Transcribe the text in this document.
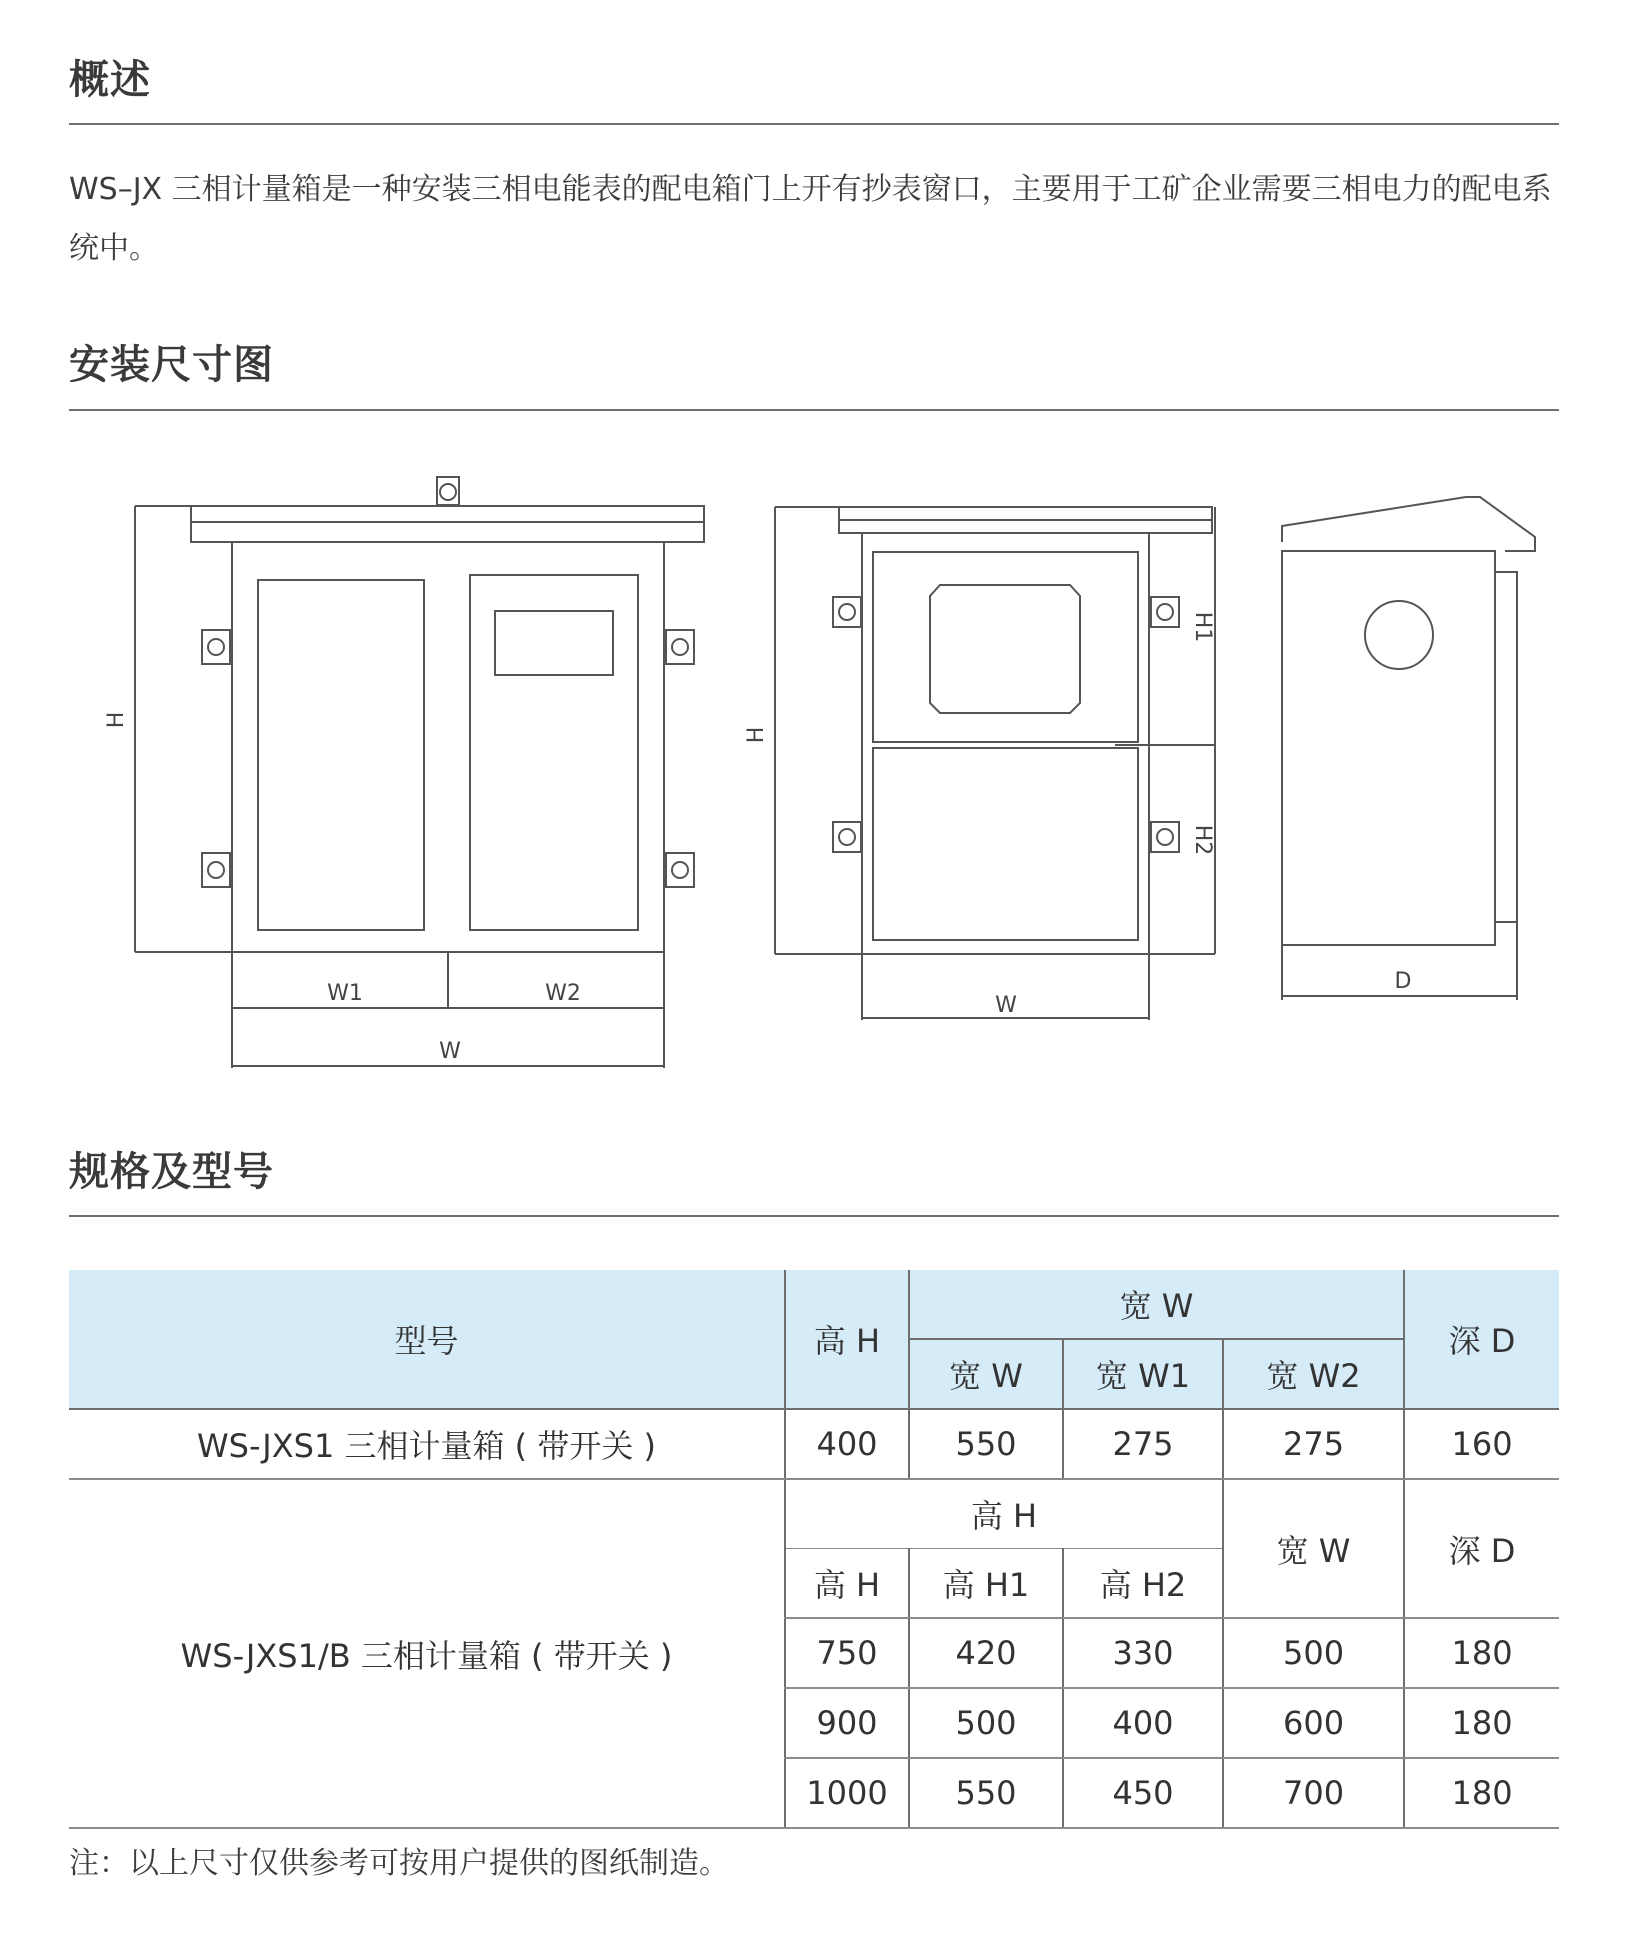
概述

WS–JX 三相计量箱是一种安装三相电能表的配电箱门上开有抄表窗口，主要用于工矿企业需要三相电力的配电系统中。

安装尺寸图
H
W1	W2
W
H
H1
H2
W
D
规格及型号
型号	高 H	宽 W			深 D
		宽 W	宽 W1	宽 W2	
WS-JXS1 三相计量箱 ( 带开关 )	400	550	275	275	160
WS-JXS1/B 三相计量箱 ( 带开关 )	高 H			宽 W	深 D
	高 H	高 H1	高 H2		
	750	420	330	500	180
	900	500	400	600	180
	1000	550	450	700	180

注：以上尺寸仅供参考可按用户提供的图纸制造。
